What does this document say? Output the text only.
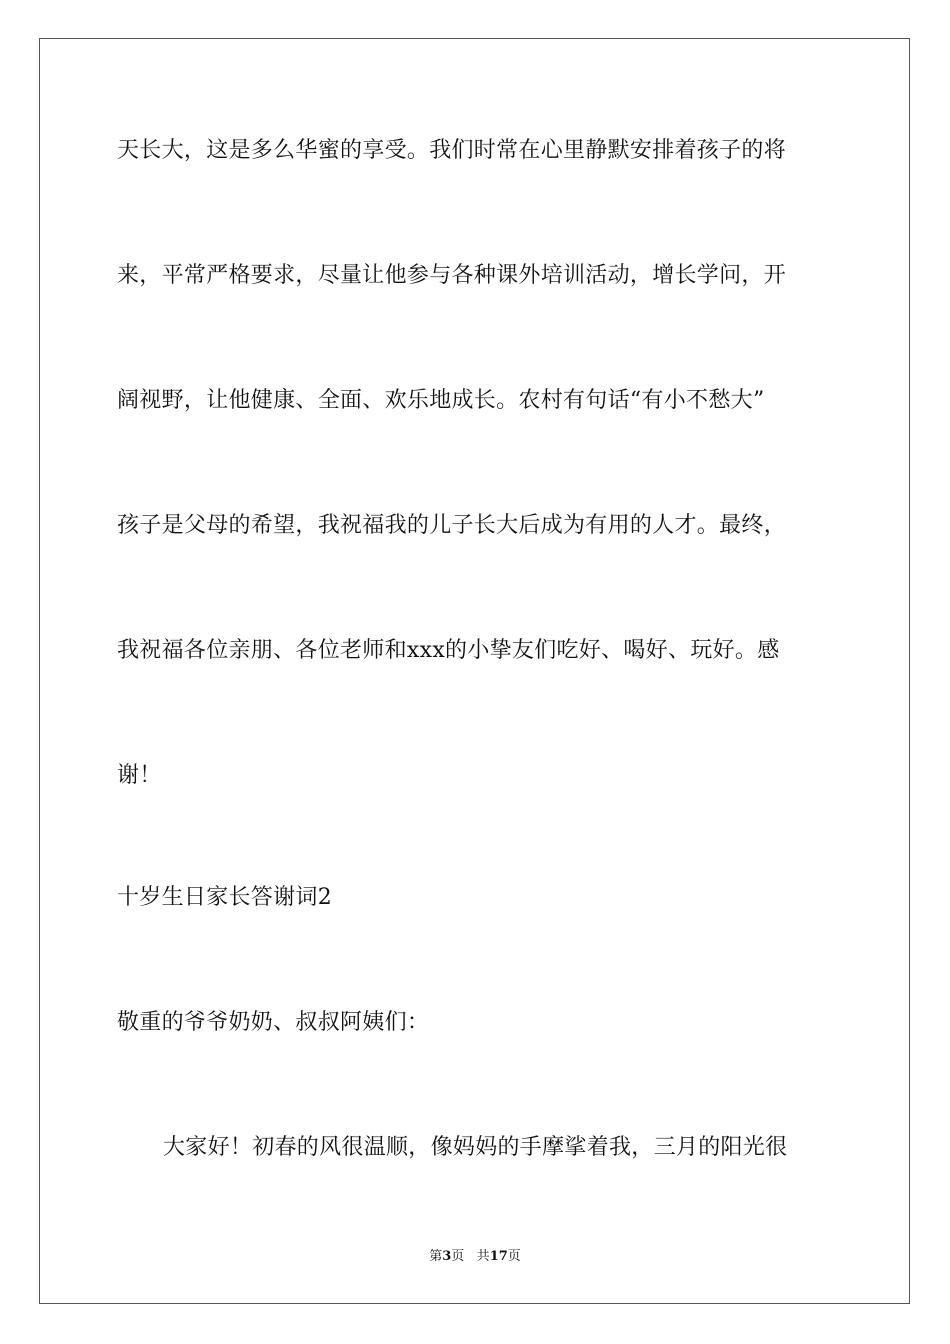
天长大，这是多么华蜜的享受。我们时常在心里静默安排着孩子的将
来，平常严格要求，尽量让他参与各种课外培训活动，增长学问，开
阔视野，让他健康、全面、欢乐地成长。农村有句话“有小不愁大”
孩子是父母的希望，我祝福我的儿子长大后成为有用的人才。最终，
我祝福各位亲朋、各位老师和xxx的小挚友们吃好、喝好、玩好。感
谢！
十岁生日家长答谢词2
敬重的爷爷奶奶、叔叔阿姨们：
大家好！初春的风很温顺，像妈妈的手摩挲着我，三月的阳光很
第3页 共17页
